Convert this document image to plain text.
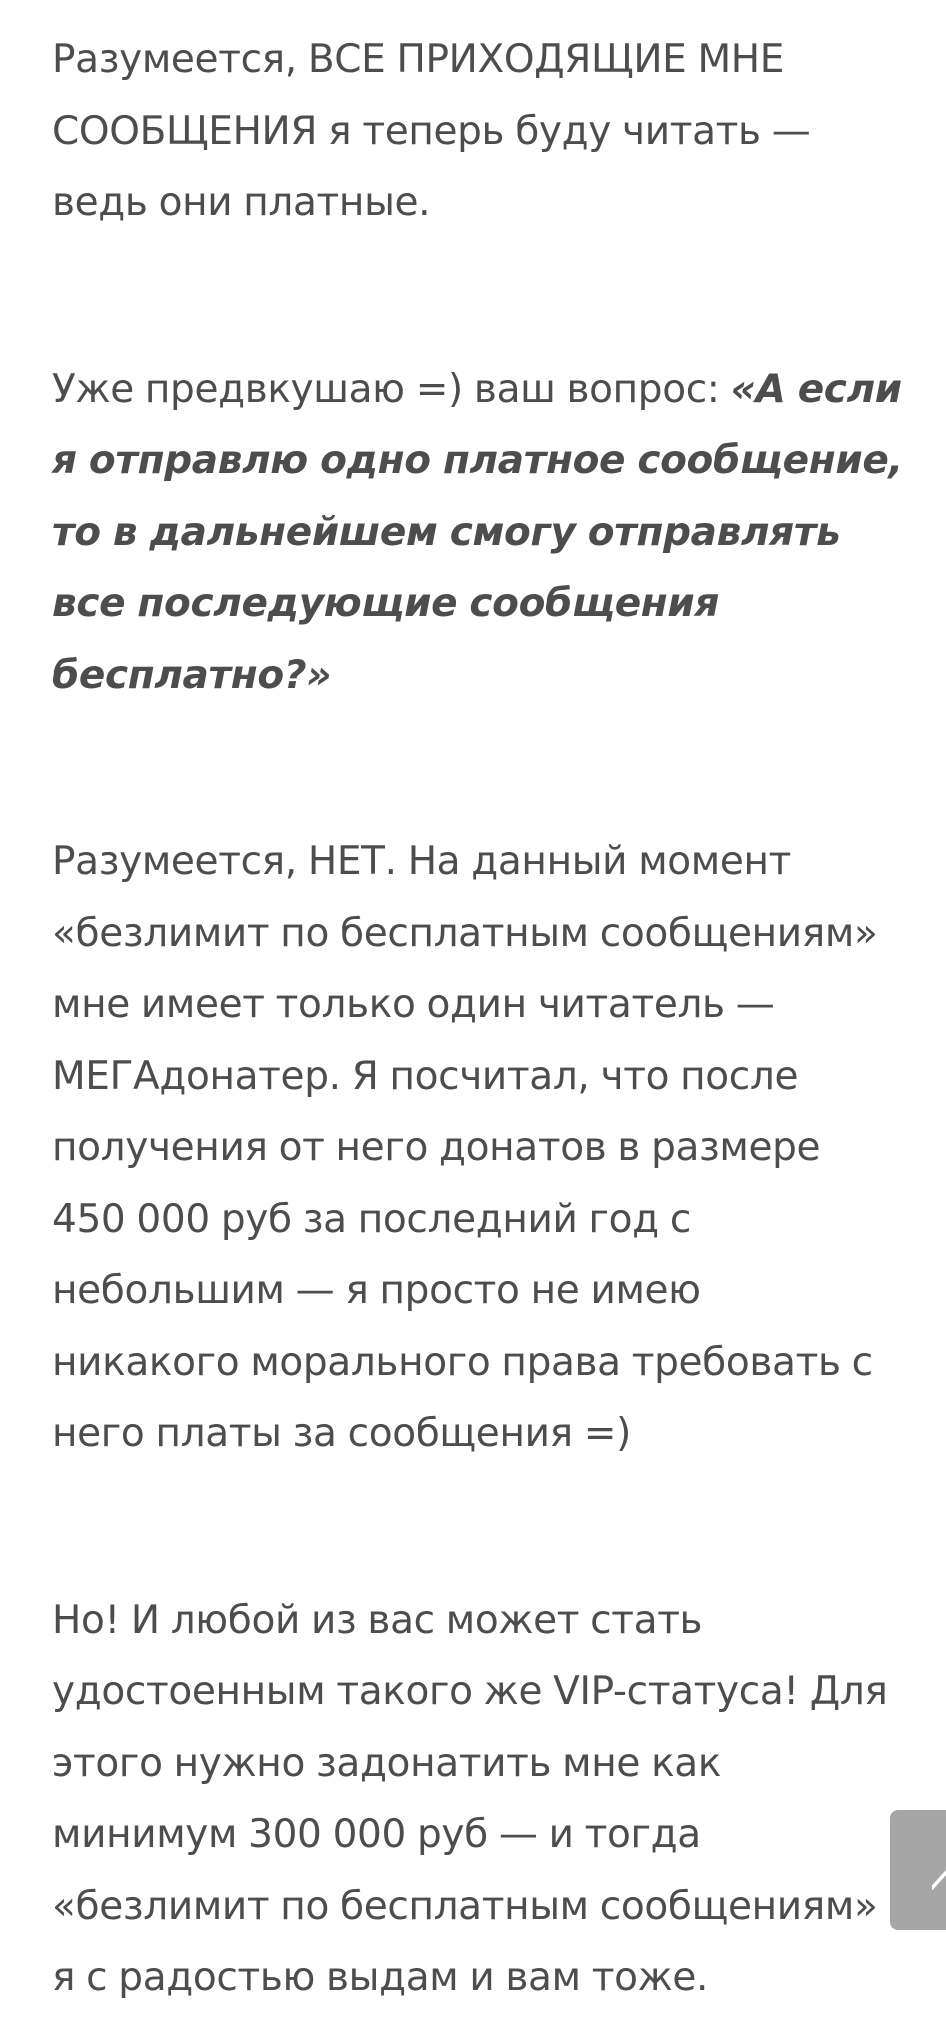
Разумеется, ВСЕ ПРИХОДЯЩИЕ МНЕ
СООБЩЕНИЯ я теперь буду читать —
ведь они платные.

Уже предвкушаю =) ваш вопрос: «А если
я отправлю одно платное сообщение,
то в дальнейшем смогу отправлять
все последующие сообщения
бесплатно?»

Разумеется, НЕТ. На данный момент
«безлимит по бесплатным сообщениям»
мне имеет только один читатель —
МЕГАдонатер. Я посчитал, что после
получения от него донатов в размере
450 000 руб за последний год с
небольшим — я просто не имею
никакого морального права требовать с
него платы за сообщения =)

Но! И любой из вас может стать
удостоенным такого же VIP-статуса! Для
этого нужно задонатить мне как
минимум 300 000 руб — и тогда
«безлимит по бесплатным сообщениям»
я с радостью выдам и вам тоже.
